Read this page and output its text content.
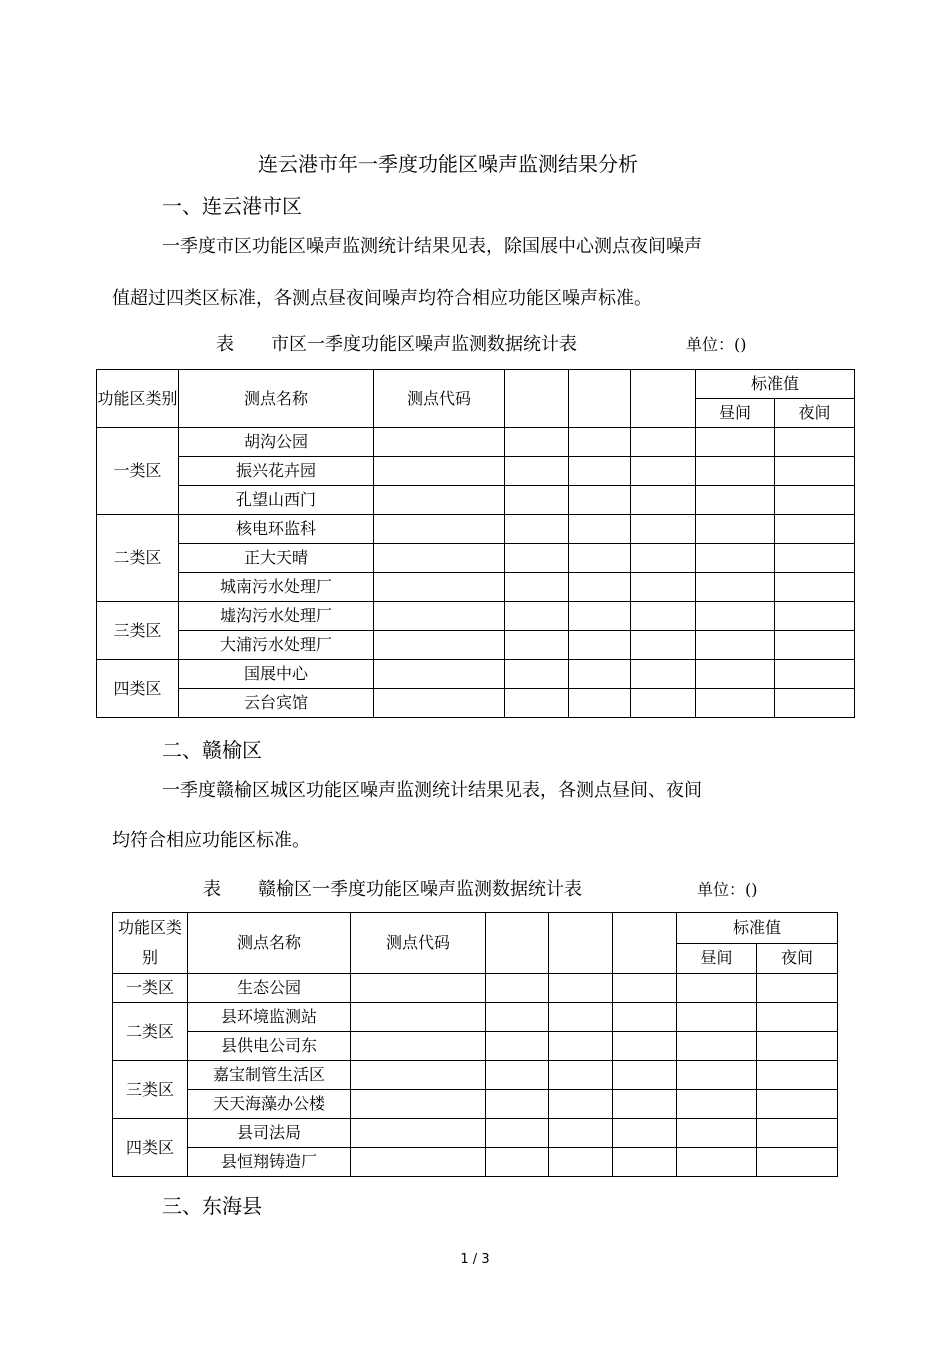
连云港市年一季度功能区噪声监测结果分析
一、连云港市区
一季度市区功能区噪声监测统计结果见表，除国展中心测点夜间噪声
值超过四类区标准，各测点昼夜间噪声均符合相应功能区噪声标准。
表 市区一季度功能区噪声监测数据统计表	单位：()
功能区类别	测点名称	测点代码				标准值	
						昼间	夜间
一类区	胡沟公园						
	振兴花卉园						
	孔望山西门						
二类区	核电环监科						
	正大天晴						
	城南污水处理厂						
三类区	墟沟污水处理厂						
	大浦污水处理厂						
四类区	国展中心						
	云台宾馆						
二、赣榆区
一季度赣榆区城区功能区噪声监测统计结果见表，各测点昼间、夜间
均符合相应功能区标准。
表 赣榆区一季度功能区噪声监测数据统计表	单位：()
功能区类别	测点名称	测点代码				标准值	
						昼间	夜间
一类区	生态公园						
二类区	县环境监测站						
	县供电公司东						
三类区	嘉宝制管生活区						
	天天海藻办公楼						
四类区	县司法局						
	县恒翔铸造厂						
三、东海县
1 / 3
